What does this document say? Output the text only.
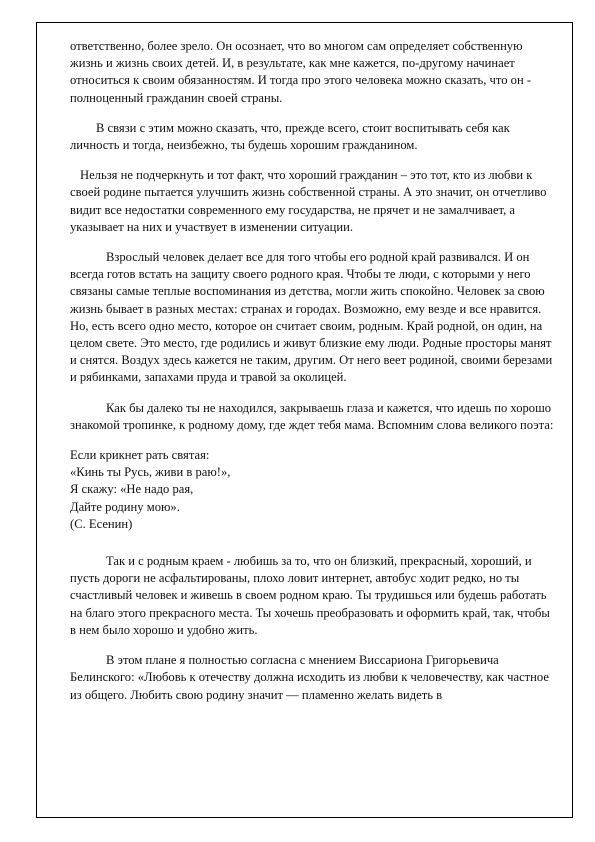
ответственно, более зрело. Он осознает, что во многом сам определяет собственную жизнь и жизнь своих детей. И, в результате, как мне кажется, по-другому начинает относиться к своим обязанностям. И тогда про этого человека можно сказать, что он - полноценный гражданин своей страны.

В связи с этим можно сказать, что, прежде всего, стоит воспитывать себя как личность и тогда, неизбежно, ты будешь хорошим гражданином.

Нельзя не подчеркнуть и тот факт, что хороший гражданин – это тот, кто из любви к своей родине пытается улучшить жизнь собственной страны. А это значит, он отчетливо видит все недостатки современного ему государства, не прячет и не замалчивает, а указывает на них и участвует в изменении ситуации.

Взрослый человек делает все для того чтобы его родной край развивался. И он всегда готов встать на защиту своего родного края. Чтобы те люди, с которыми у него связаны самые теплые воспоминания из детства, могли жить спокойно. Человек за свою жизнь бывает в разных местах: странах и городах. Возможно, ему везде и все нравится. Но, есть всего одно место, которое он считает своим, родным. Край родной, он один, на целом свете. Это место, где родились и живут близкие ему люди. Родные просторы манят и снятся. Воздух здесь кажется не таким, другим. От него веет родиной, своими березами и рябинками, запахами пруда и травой за околицей.

Как бы далеко ты не находился, закрываешь глаза и кажется, что идешь по хорошо знакомой тропинке, к родному дому, где ждет тебя мама. Вспомним слова великого поэта:

Если крикнет рать святая:
«Кинь ты Русь, живи в раю!»,
Я скажу: «Не надо рая,
Дайте родину мою».
(С. Есенин)

Так и с родным краем - любишь за то, что он близкий, прекрасный, хороший, и пусть дороги не асфальтированы, плохо ловит интернет, автобус ходит редко, но ты счастливый человек и живешь в своем родном краю. Ты трудишься или будешь работать на благо этого прекрасного места. Ты хочешь преобразовать и оформить край, так, чтобы в нем было хорошо и удобно жить.

В этом плане я полностью согласна с мнением Виссариона Григорьевича Белинского: «Любовь к отечеству должна исходить из любви к человечеству, как частное из общего. Любить свою родину значит — пламенно желать видеть в
